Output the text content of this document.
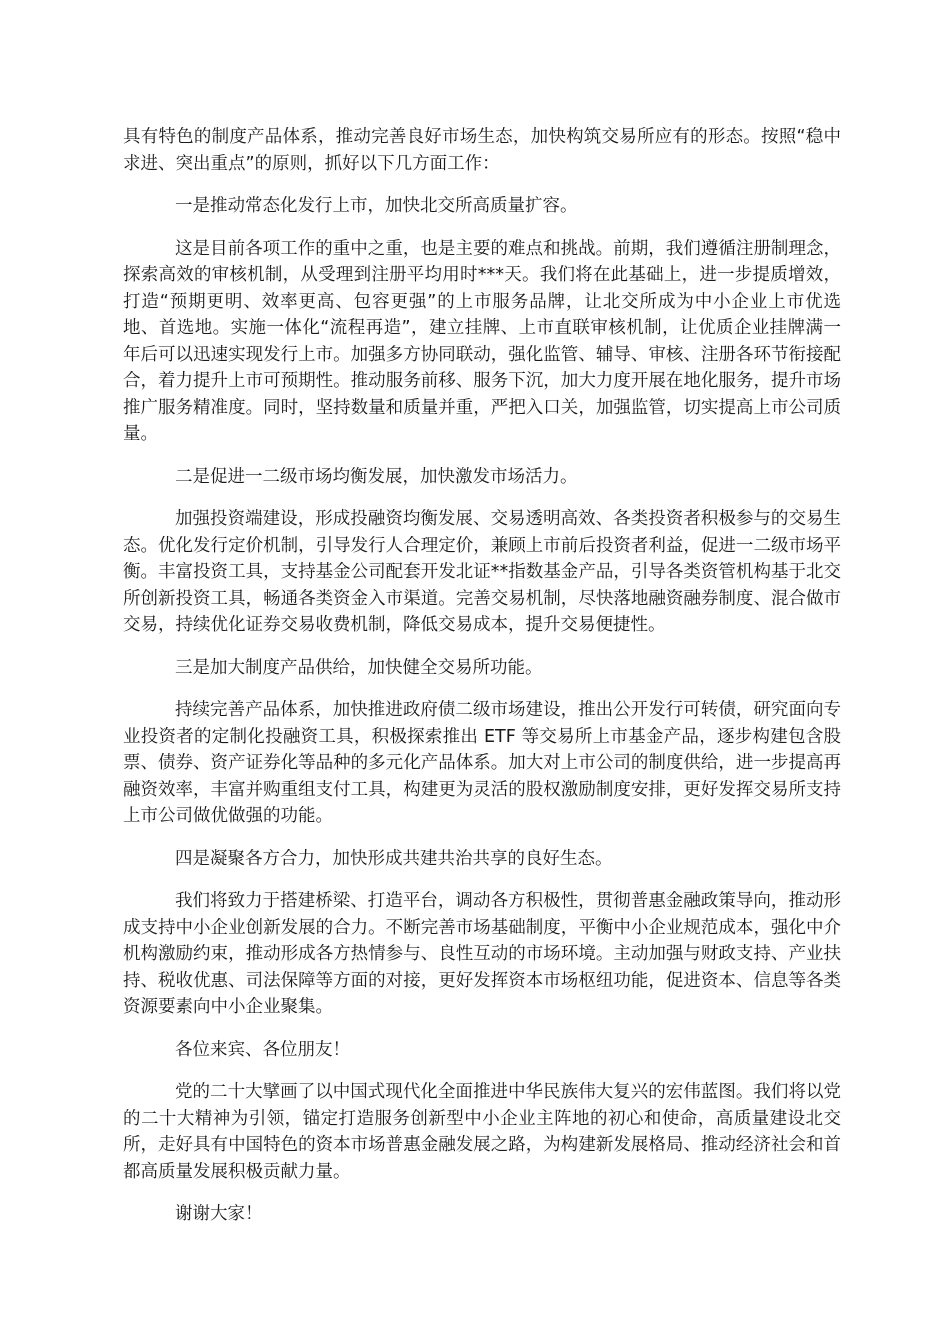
具有特色的制度产品体系，推动完善良好市场生态，加快构筑交易所应有的形态。按照“稳中求进、突出重点”的原则，抓好以下几方面工作：

一是推动常态化发行上市，加快北交所高质量扩容。

这是目前各项工作的重中之重，也是主要的难点和挑战。前期，我们遵循注册制理念，探索高效的审核机制，从受理到注册平均用时***天。我们将在此基础上，进一步提质增效，打造“预期更明、效率更高、包容更强”的上市服务品牌，让北交所成为中小企业上市优选地、首选地。实施一体化“流程再造”，建立挂牌、上市直联审核机制，让优质企业挂牌满一年后可以迅速实现发行上市。加强多方协同联动，强化监管、辅导、审核、注册各环节衔接配合，着力提升上市可预期性。推动服务前移、服务下沉，加大力度开展在地化服务，提升市场推广服务精准度。同时，坚持数量和质量并重，严把入口关，加强监管，切实提高上市公司质量。

二是促进一二级市场均衡发展，加快激发市场活力。

加强投资端建设，形成投融资均衡发展、交易透明高效、各类投资者积极参与的交易生态。优化发行定价机制，引导发行人合理定价，兼顾上市前后投资者利益，促进一二级市场平衡。丰富投资工具，支持基金公司配套开发北证**指数基金产品，引导各类资管机构基于北交所创新投资工具，畅通各类资金入市渠道。完善交易机制，尽快落地融资融券制度、混合做市交易，持续优化证券交易收费机制，降低交易成本，提升交易便捷性。

三是加大制度产品供给，加快健全交易所功能。

持续完善产品体系，加快推进政府债二级市场建设，推出公开发行可转债，研究面向专业投资者的定制化投融资工具，积极探索推出 ETF 等交易所上市基金产品，逐步构建包含股票、债券、资产证券化等品种的多元化产品体系。加大对上市公司的制度供给，进一步提高再融资效率，丰富并购重组支付工具，构建更为灵活的股权激励制度安排，更好发挥交易所支持上市公司做优做强的功能。

四是凝聚各方合力，加快形成共建共治共享的良好生态。

我们将致力于搭建桥梁、打造平台，调动各方积极性，贯彻普惠金融政策导向，推动形成支持中小企业创新发展的合力。不断完善市场基础制度，平衡中小企业规范成本，强化中介机构激励约束，推动形成各方热情参与、良性互动的市场环境。主动加强与财政支持、产业扶持、税收优惠、司法保障等方面的对接，更好发挥资本市场枢纽功能，促进资本、信息等各类资源要素向中小企业聚集。

各位来宾、各位朋友！

党的二十大擘画了以中国式现代化全面推进中华民族伟大复兴的宏伟蓝图。我们将以党的二十大精神为引领，锚定打造服务创新型中小企业主阵地的初心和使命，高质量建设北交所，走好具有中国特色的资本市场普惠金融发展之路，为构建新发展格局、推动经济社会和首都高质量发展积极贡献力量。

谢谢大家！
